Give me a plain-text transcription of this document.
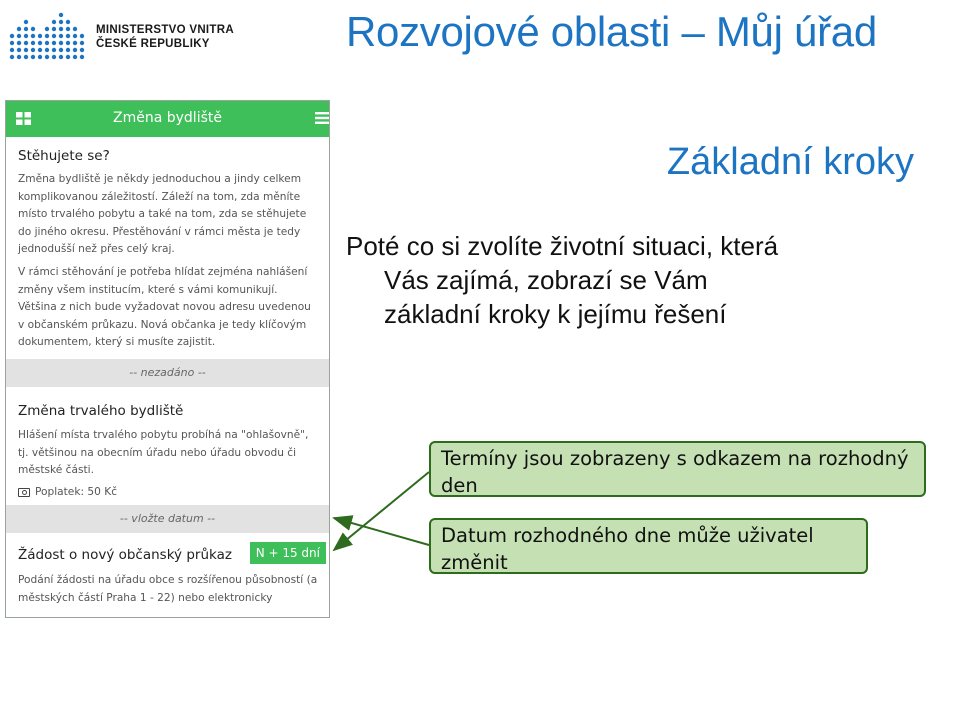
MINISTERSTVO VNITRA
ČESKÉ REPUBLIKY	Rozvojové oblasti – Můj úřad
Změna bydliště
Stěhujete se?
Změna bydliště je někdy jednoduchou a jindy celkem komplikovanou záležitostí. Záleží na tom, zda měníte místo trvalého pobytu a také na tom, zda se stěhujete do jiného okresu. Přestěhování v rámci města je tedy jednodušší než přes celý kraj.
V rámci stěhování je potřeba hlídat zejména nahlášení změny všem institucím, které s vámi komunikují. Většina z nich bude vyžadovat novou adresu uvedenou v občanském průkazu. Nová občanka je tedy klíčovým dokumentem, který si musíte zajistit.
-- nezadáno --
Změna trvalého bydliště
Hlášení místa trvalého pobytu probíhá na "ohlašovně", tj. většinou na obecním úřadu nebo úřadu obvodu či městské části.
Poplatek: 50 Kč
-- vložte datum --
Žádost o nový občanský průkaz	N + 15 dní
Podání žádosti na úřadu obce s rozšířenou působností (a městských částí Praha 1 - 22) nebo elektronicky
Základní kroky
Poté co si zvolíte životní situaci, která
Vás zajímá, zobrazí se Vám
základní kroky k jejímu řešení
Termíny jsou zobrazeny s odkazem na rozhodný den
Datum rozhodného dne může uživatel změnit
